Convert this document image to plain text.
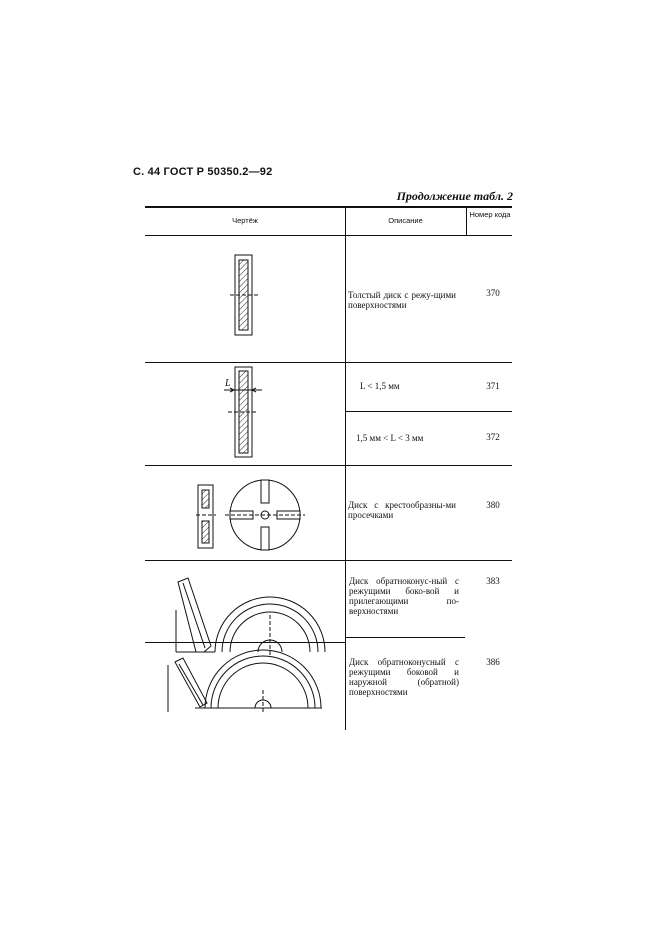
С. 44 ГОСТ Р 50350.2—92
Продолжение табл. 2
Чертёж	Описание
Номер кода
Толстый диск с режу-щими поверхностями
L < 1,5 мм
1,5 мм < L < 3 мм
Диск с крестообразны-ми просечками
Диск обратноконус-ный с режущими боко-вой и прилегающими по-верхностями
Диск обратноконусный с режущими боковой и наружной (обратной) поверхностями
370
371
372
380
383
386
L
